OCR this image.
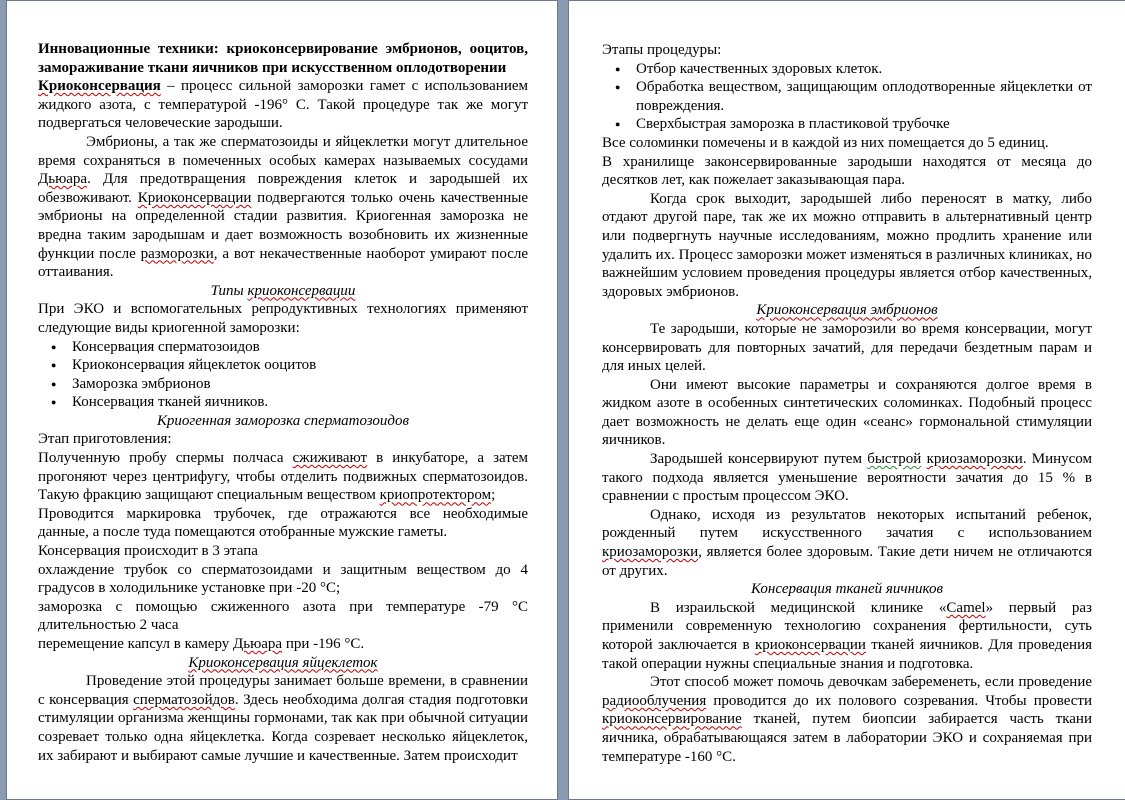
Инновационные техники: криоконсервирование эмбрионов, ооцитов, замораживание ткани яичников при искусственном оплодотворении

Криоконсервация – процесс сильной заморозки гамет с использованием жидкого азота, с температурой -196° С. Такой процедуре так же могут подвергаться человеческие зародыши.

Эмбрионы, а так же сперматозоиды и яйцеклетки могут длительное время сохраняться в помеченных особых камерах называемых сосудами Дьюара. Для предотвращения повреждения клеток и зародышей их обезвоживают. Криоконсервации подвергаются только очень качественные эмбрионы на определенной стадии развития. Криогенная заморозка не вредна таким зародышам и дает возможность возобновить их жизненные функции после разморозки, а вот некачественные наоборот умирают после оттаивания.

Типы криоконсервации

При ЭКО и вспомогательных репродуктивных технологиях применяют следующие виды криогенной заморозки:

● Консервация сперматозоидов
● Криоконсервация яйцеклеток ооцитов
● Заморозка эмбрионов
● Консервация тканей яичников.

Криогенная заморозка сперматозоидов

Этап приготовления:

Полученную пробу спермы полчаса сжиживают в инкубаторе, а затем прогоняют через центрифугу, чтобы отделить подвижных сперматозоидов. Такую фракцию защищают специальным веществом криопротектором;

Проводится маркировка трубочек, где отражаются все необходимые данные, а после туда помещаются отобранные мужские гаметы.

Консервация происходит в 3 этапа

охлаждение трубок со сперматозоидами и защитным веществом до 4 градусов в холодильнике установке при -20 °С;

заморозка с помощью сжиженного азота при температуре -79 °С длительностью 2 часа

перемещение капсул в камеру Дьюара при -196 °С.

Криоконсервация яйцеклеток

Проведение этой процедуры занимает больше времени, в сравнении с консервация сперматозойдов. Здесь необходима долгая стадия подготовки стимуляции организма женщины гормонами, так как при обычной ситуации созревает только одна яйцеклетка. Когда созревает несколько яйцеклеток, их забирают и выбирают самые лучшие и качественные. Затем происходит

Этапы процедуры:

● Отбор качественных здоровых клеток.
● Обработка веществом, защищающим оплодотворенные яйцеклетки от повреждения.
● Сверхбыстрая заморозка в пластиковой трубочке

Все соломинки помечены и в каждой из них помещается до 5 единиц.

В хранилище законсервированные зародыши находятся от месяца до десятков лет, как пожелает заказывающая пара.

Когда срок выходит, зародышей либо переносят в матку, либо отдают другой паре, так же их можно отправить в альтернативный центр или подвергнуть научные исследованиям, можно продлить хранение или удалить их. Процесс заморозки может изменяться в различных клиниках, но важнейшим условием проведения процедуры является отбор качественных, здоровых эмбрионов.

Криоконсервация эмбрионов

Те зародыши, которые не заморозили во время консервации, могут консервировать для повторных зачатий, для передачи бездетным парам и для иных целей.

Они имеют высокие параметры и сохраняются долгое время в жидком азоте в особенных синтетических соломинках. Подобный процесс дает возможность не делать еще один «сеанс» гормональной стимуляции яичников.

Зародышей консервируют путем быстрой криозаморозки. Минусом такого подхода является уменьшение вероятности зачатия до 15 % в сравнении с простым процессом ЭКО.

Однако, исходя из результатов некоторых испытаний ребенок, рожденный путем искусственного зачатия с использованием криозаморозки, является более здоровым. Такие дети ничем не отличаются от других.

Консервация тканей яичников

В израильской медицинской клинике «Camel» первый раз применили современную технологию сохранения фертильности, суть которой заключается в криоконсервации тканей яичников. Для проведения такой операции нужны специальные знания и подготовка.

Этот способ может помочь девочкам забеременеть, если проведение радиооблучения проводится до их полового созревания. Чтобы провести криоконсервирование тканей, путем биопсии забирается часть ткани яичника, обрабатывающаяся затем в лаборатории ЭКО и сохраняемая при температуре -160 °С.
